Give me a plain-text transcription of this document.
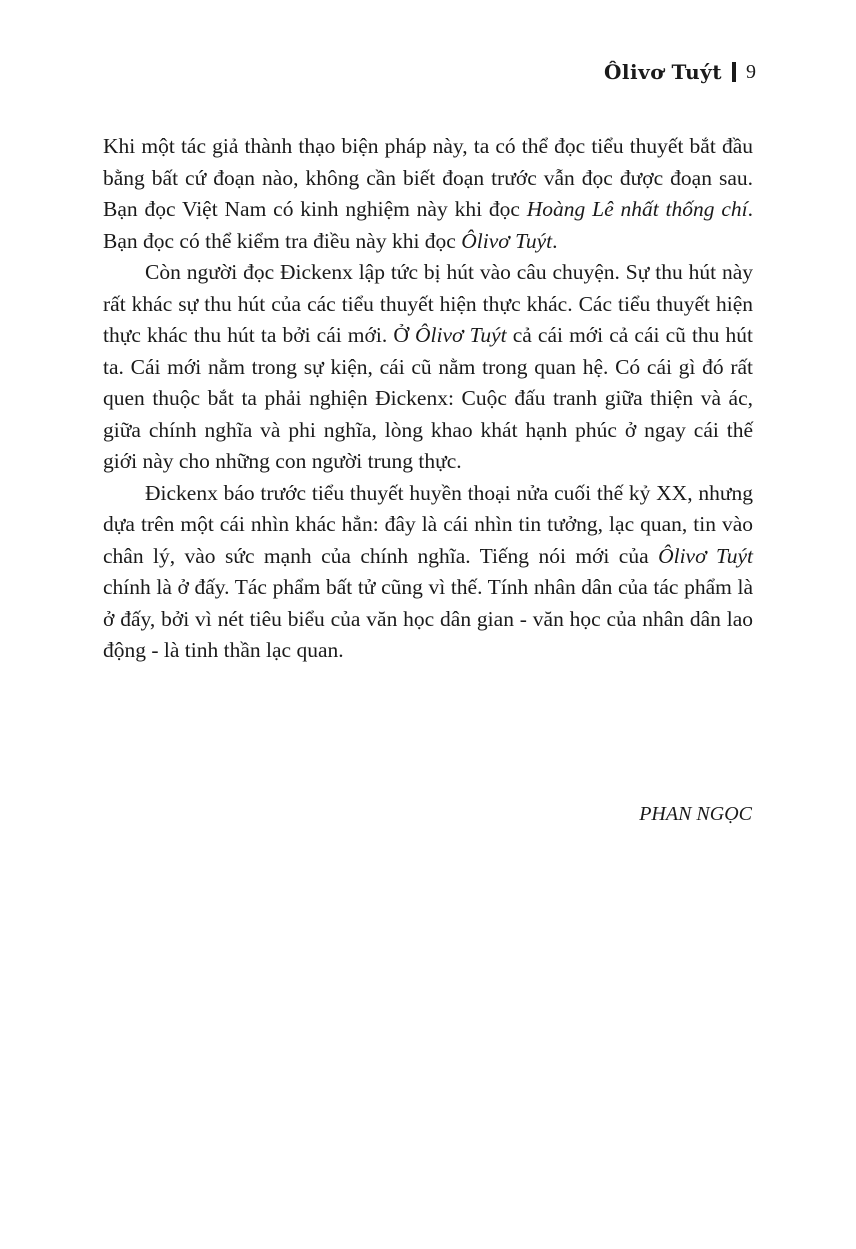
Ôlivơ Tuýt 9

Khi một tác giả thành thạo biện pháp này, ta có thể đọc tiểu thuyết bắt đầu bằng bất cứ đoạn nào, không cần biết đoạn trước vẫn đọc được đoạn sau. Bạn đọc Việt Nam có kinh nghiệm này khi đọc Hoàng Lê nhất thống chí. Bạn đọc có thể kiểm tra điều này khi đọc Ôlivơ Tuýt.

Còn người đọc Đickenx lập tức bị hút vào câu chuyện. Sự thu hút này rất khác sự thu hút của các tiểu thuyết hiện thực khác. Các tiểu thuyết hiện thực khác thu hút ta bởi cái mới. Ở Ôlivơ Tuýt cả cái mới cả cái cũ thu hút ta. Cái mới nằm trong sự kiện, cái cũ nằm trong quan hệ. Có cái gì đó rất quen thuộc bắt ta phải nghiện Đickenx: Cuộc đấu tranh giữa thiện và ác, giữa chính nghĩa và phi nghĩa, lòng khao khát hạnh phúc ở ngay cái thế giới này cho những con người trung thực.

Đickenx báo trước tiểu thuyết huyền thoại nửa cuối thế kỷ XX, nhưng dựa trên một cái nhìn khác hẳn: đây là cái nhìn tin tưởng, lạc quan, tin vào chân lý, vào sức mạnh của chính nghĩa. Tiếng nói mới của Ôlivơ Tuýt chính là ở đấy. Tác phẩm bất tử cũng vì thế. Tính nhân dân của tác phẩm là ở đấy, bởi vì nét tiêu biểu của văn học dân gian - văn học của nhân dân lao động - là tinh thần lạc quan.

PHAN NGỌC
